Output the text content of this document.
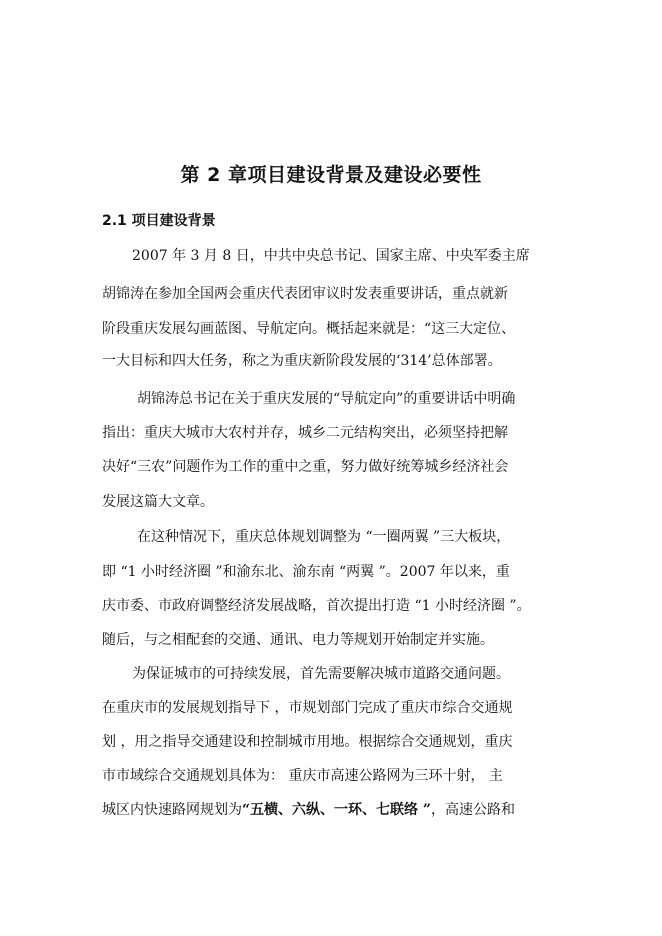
第 2 章项目建设背景及建设必要性
2.1 项目建设背景
2007 年 3 月 8 日，中共中央总书记、国家主席、中央军委主席
胡锦涛在参加全国两会重庆代表团审议时发表重要讲话，重点就新
阶段重庆发展勾画蓝图、导航定向。概括起来就是：“这三大定位、
一大目标和四大任务，称之为重庆新阶段发展的‘314’总体部署。
胡锦涛总书记在关于重庆发展的“导航定向”的重要讲话中明确
指出：重庆大城市大农村并存，城乡二元结构突出，必须坚持把解
决好“三农”问题作为工作的重中之重，努力做好统筹城乡经济社会
发展这篇大文章。
在这种情况下，重庆总体规划调整为 “一圈两翼 ”三大板块，
即 “1 小时经济圈 ”和渝东北、渝东南 “两翼 ”。2007 年以来，重
庆市委、市政府调整经济发展战略，首次提出打造 “1 小时经济圈 ”。
随后，与之相配套的交通、通讯、电力等规划开始制定并实施。
为保证城市的可持续发展，首先需要解决城市道路交通问题。
在重庆市的发展规划指导下 ，市规划部门完成了重庆市综合交通规
划 ，用之指导交通建设和控制城市用地。根据综合交通规划，重庆
市市域综合交通规划具体为： 重庆市高速公路网为三环十射， 主
城区内快速路网规划为“五横、六纵、一环、七联络 ”，高速公路和
